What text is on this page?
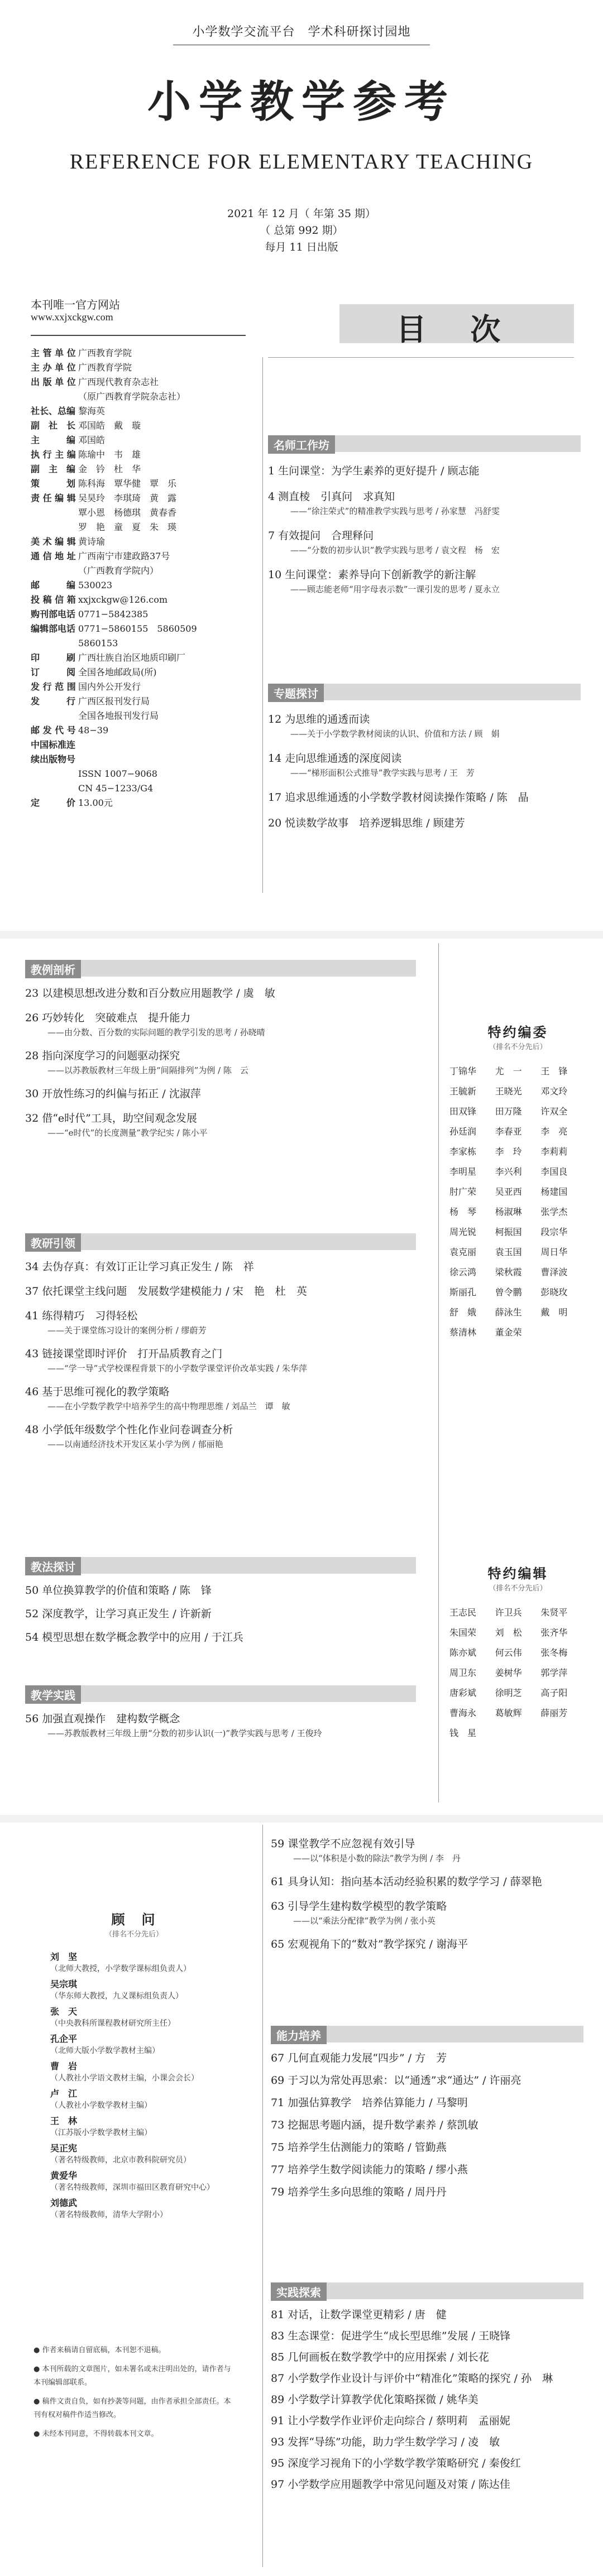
小学数学交流平台　学术科研探讨园地
小学教学参考
REFERENCE FOR ELEMENTARY TEACHING
2021 年 12 月（ 年第 35 期）
（ 总第 992 期）
每月 11 日出版
本刊唯一官方网站
www.xxjxckgw.com
主 管 单 位 广西教育学院
主 办 单 位 广西教育学院
出 版 单 位 广西现代教育杂志社
（原广西教育学院杂志社）
社长、总编 黎海英
副　社　长 邓国皓　戴　璇
主　　　编 邓国皓
执 行 主 编 陈瑜中　韦　雄
副　主　编 金　钤　杜　华
策　　　划 陈科海　覃华健　覃　乐
责 任 编 辑 吴昊玲　李琪琦　黄　露
覃小恩　杨德琪　黄春香
罗　艳　童　夏　朱　瑛
美 术 编 辑 黄诗瑜
通 信 地 址 广西南宁市建政路37号
（广西教育学院内）
邮　　　编 530023
投 稿 信 箱 xxjxckgw@126.com
购刊部电话 0771−5842385
编辑部电话 0771−5860155　5860509
5860153
印　　　刷 广西壮族自治区地质印刷厂
订　　　阅 全国各地邮政局(所)
发 行 范 围 国内外公开发行
发　　　行 广西区报刊发行局
全国各地报刊发行局
邮 发 代 号 48−39
中国标准连续出版物号
ISSN 1007−9068
CN 45−1233/G4
定　　　价 13.00元
目 次
名师工作坊
1 生问课堂：为学生素养的更好提升 / 顾志能
4 测直棱　引真问　求真知
——“徐注荣式”的精准教学实践与思考 / 孙家慧　冯舒雯
7 有效提问　合理释问
——“分数的初步认识”教学实践与思考 / 袁文程　杨　宏
10 生问课堂：素养导向下创新教学的新注解
——顾志能老师“用字母表示数”一课引发的思考 / 夏永立
专题探讨
12 为思维的通透而读
——关于小学数学教材阅读的认识、价值和方法 / 顾　娟
14 走向思维通透的深度阅读
——“梯形面积公式推导”教学实践与思考 / 王　芳
17 追求思维通透的小学数学教材阅读操作策略 / 陈　晶
20 悦读数学故事　培养逻辑思维 / 顾建芳
教例剖析
23 以建模思想改进分数和百分数应用题教学 / 虞　敏
26 巧妙转化　突破难点　提升能力
——由分数、百分数的实际问题的教学引发的思考 / 孙晓晴
28 指向深度学习的问题驱动探究
——以苏教版教材三年级上册“间隔排列”为例 / 陈　云
30 开放性练习的纠偏与拓正 / 沈淑萍
32 借“e时代”工具，助空间观念发展
——“e时代”的长度测量”教学纪实 / 陈小平
教研引领
34 去伪存真：有效订正让学习真正发生 / 陈　祥
37 依托课堂主线问题　发展数学建模能力 / 宋　艳　杜　英
41 练得精巧　习得轻松
——关于课堂练习设计的案例分析 / 缪蔚芳
43 链接课堂即时评价　打开品质教育之门
——“学一导”式学校课程背景下的小学数学课堂评价改革实践 / 朱华萍
46 基于思维可视化的教学策略
——在小学数学教学中培养学生的高中物理思维 / 刘品兰　谭　敏
48 小学低年级数学个性化作业问卷调查分析
——以南通经济技术开发区某小学为例 / 郁丽艳
教法探讨
50 单位换算教学的价值和策略 / 陈　锋
52 深度教学，让学习真正发生 / 许新新
54 模型思想在数学概念教学中的应用 / 于江兵
教学实践
56 加强直观操作　建构数学概念
——苏教版教材三年级上册“分数的初步认识(一)”教学实践与思考 / 王俊玲
特约编委
（排名不分先后）
丁锦华	尤　一	王　锋
王毓新	王晓光	邓文玲
田双锋	田万隆	许双全
孙廷润	李春亚	李　亮
李家栋	李　玲	李莉莉
李明星	李兴利	李国良
肘广荣	吴亚西	杨建国
杨　琴	杨淑琳	张学杰
周光锐	柯振国	段宗华
袁克丽	袁玉国	周日华
徐云鸿	梁秋霞	曹泽波
斯丽孔	曾令鹏	彭晓玫
舒　娥	薛泳生	戴　明
蔡清林	董金荣
特约编辑
（排名不分先后）
王志民	许卫兵	朱贤平
朱国荣	刘　松	张齐华
陈亦斌	何云伟	张冬梅
周卫东	姜树华	郭学萍
唐彩斌	徐明芝	高子阳
曹海永	葛敏辉	薛丽芳
钱　星
顾　问
（排名不分先后）
刘　坚
（北师大教授，小学数学课标组负责人）
吴宗琪
（华东师大教授，九义课标组负责人）
张　天
（中央教科所课程教材研究所主任）
孔企平
（北师大版小学数学教材主编）
曹　岩
（人教社小学语文教材主编，小课会会长）
卢　江
（人教社小学数学教材主编）
王　林
（江苏版小学数学教材主编）
吴正宪
（著名特级教师，北京市教科院研究员）
黄爱华
（著名特级教师，深圳市福田区教育研究中心）
刘德武
（著名特级教师，清华大学附小）
● 作者来稿请自留底稿，本刊恕不退稿。
● 本刊所载的文章图片，如未署名或未注明出处的，请作者与本刊编辑部联系。
● 稿件文责自负，如有抄袭等问题，由作者承担全部责任。本刊有权对稿件作适当修改。
● 未经本刊同意，不得转载本刊文章。
59 课堂教学不应忽视有效引导
——以“体积是小数的除法”教学为例 / 李　丹
61 具身认知：指向基本活动经验积累的数学学习 / 薛翠艳
63 引导学生建构数学模型的教学策略
——以“乘法分配律”教学为例 / 张小英
65 宏观视角下的“数对”教学探究 / 谢海平
能力培养
67 几何直观能力发展“四步” / 方　芳
69 于习以为常处再思索：以“通透”求“通达” / 许丽亮
71 加强估算教学　培养估算能力 / 马黎明
73 挖掘思考题内涵，提升数学素养 / 蔡凯敏
75 培养学生估测能力的策略 / 管勤燕
77 培养学生数学阅读能力的策略 / 缪小燕
79 培养学生多向思维的策略 / 周丹丹
实践探索
81 对话，让数学课堂更精彩 / 唐　健
83 生态课堂：促进学生“成长型思维”发展 / 王晓锋
85 几何画板在数学教学中的应用探索 / 刘长花
87 小学数学作业设计与评价中“精准化”策略的探究 / 孙　琳
89 小学数学计算教学优化策略探微 / 姚华美
91 让小学数学作业评价走向综合 / 蔡明莉　孟丽妮
93 发挥“导练”功能，助力学生数学学习 / 凌　敏
95 深度学习视角下的小学数学教学策略研究 / 秦俊红
97 小学数学应用题教学中常见问题及对策 / 陈达佳
